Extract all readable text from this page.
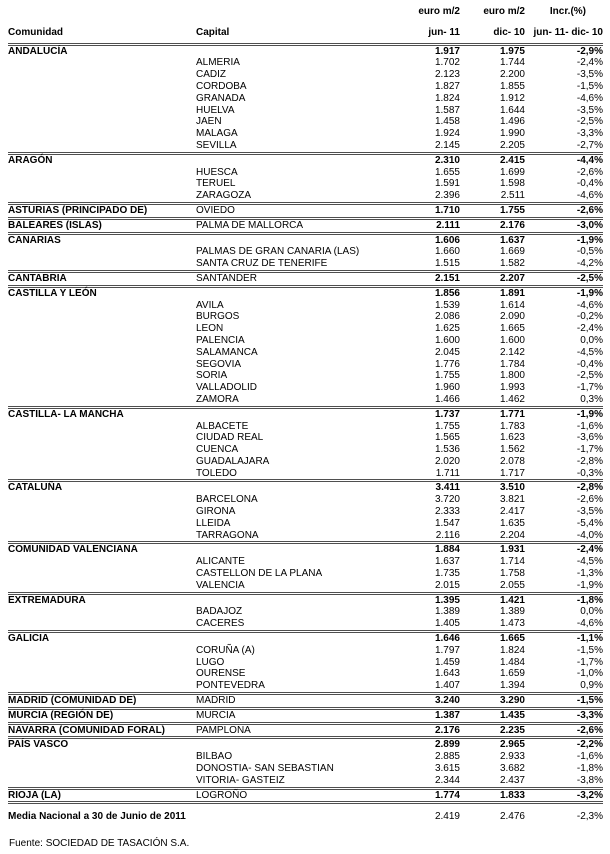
		euro m/2	euro m/2	Incr.(%)
Comunidad	Capital	jun- 11	dic- 10	jun- 11- dic- 10
ANDALUCÍA		1.917	1.975	-2,9%
	ALMERIA	1.702	1.744	-2,4%
	CADIZ	2.123	2.200	-3,5%
	CORDOBA	1.827	1.855	-1,5%
	GRANADA	1.824	1.912	-4,6%
	HUELVA	1.587	1.644	-3,5%
	JAEN	1.458	1.496	-2,5%
	MALAGA	1.924	1.990	-3,3%
	SEVILLA	2.145	2.205	-2,7%
ARAGÓN		2.310	2.415	-4,4%
	HUESCA	1.655	1.699	-2,6%
	TERUEL	1.591	1.598	-0,4%
	ZARAGOZA	2.396	2.511	-4,6%
ASTURIAS (PRINCIPADO DE)	OVIEDO	1.710	1.755	-2,6%
BALEARES (ISLAS)	PALMA DE MALLORCA	2.111	2.176	-3,0%
CANARIAS		1.606	1.637	-1,9%
	PALMAS DE GRAN CANARIA (LAS)	1.660	1.669	-0,5%
	SANTA CRUZ DE TENERIFE	1.515	1.582	-4,2%
CANTABRIA	SANTANDER	2.151	2.207	-2,5%
CASTILLA Y LEÓN		1.856	1.891	-1,9%
	AVILA	1.539	1.614	-4,6%
	BURGOS	2.086	2.090	-0,2%
	LEON	1.625	1.665	-2,4%
	PALENCIA	1.600	1.600	0,0%
	SALAMANCA	2.045	2.142	-4,5%
	SEGOVIA	1.776	1.784	-0,4%
	SORIA	1.755	1.800	-2,5%
	VALLADOLID	1.960	1.993	-1,7%
	ZAMORA	1.466	1.462	0,3%
CASTILLA- LA MANCHA		1.737	1.771	-1,9%
	ALBACETE	1.755	1.783	-1,6%
	CIUDAD REAL	1.565	1.623	-3,6%
	CUENCA	1.536	1.562	-1,7%
	GUADALAJARA	2.020	2.078	-2,8%
	TOLEDO	1.711	1.717	-0,3%
CATALUÑA		3.411	3.510	-2,8%
	BARCELONA	3.720	3.821	-2,6%
	GIRONA	2.333	2.417	-3,5%
	LLEIDA	1.547	1.635	-5,4%
	TARRAGONA	2.116	2.204	-4,0%
COMUNIDAD VALENCIANA		1.884	1.931	-2,4%
	ALICANTE	1.637	1.714	-4,5%
	CASTELLON DE LA PLANA	1.735	1.758	-1,3%
	VALENCIA	2.015	2.055	-1,9%
EXTREMADURA		1.395	1.421	-1,8%
	BADAJOZ	1.389	1.389	0,0%
	CACERES	1.405	1.473	-4,6%
GALICIA		1.646	1.665	-1,1%
	CORUÑA (A)	1.797	1.824	-1,5%
	LUGO	1.459	1.484	-1,7%
	OURENSE	1.643	1.659	-1,0%
	PONTEVEDRA	1.407	1.394	0,9%
MADRID (COMUNIDAD DE)	MADRID	3.240	3.290	-1,5%
MURCIA (REGIÓN DE)	MURCIA	1.387	1.435	-3,3%
NAVARRA (COMUNIDAD FORAL)	PAMPLONA	2.176	2.235	-2,6%
PAÍS VASCO		2.899	2.965	-2,2%
	BILBAO	2.885	2.933	-1,6%
	DONOSTIA- SAN SEBASTIAN	3.615	3.682	-1,8%
	VITORIA- GASTEIZ	2.344	2.437	-3,8%
RIOJA (LA)	LOGROÑO	1.774	1.833	-3,2%
Media Nacional a 30 de Junio de 2011		2.419	2.476	-2,3%
Fuente: SOCIEDAD DE TASACIÓN S.A.
